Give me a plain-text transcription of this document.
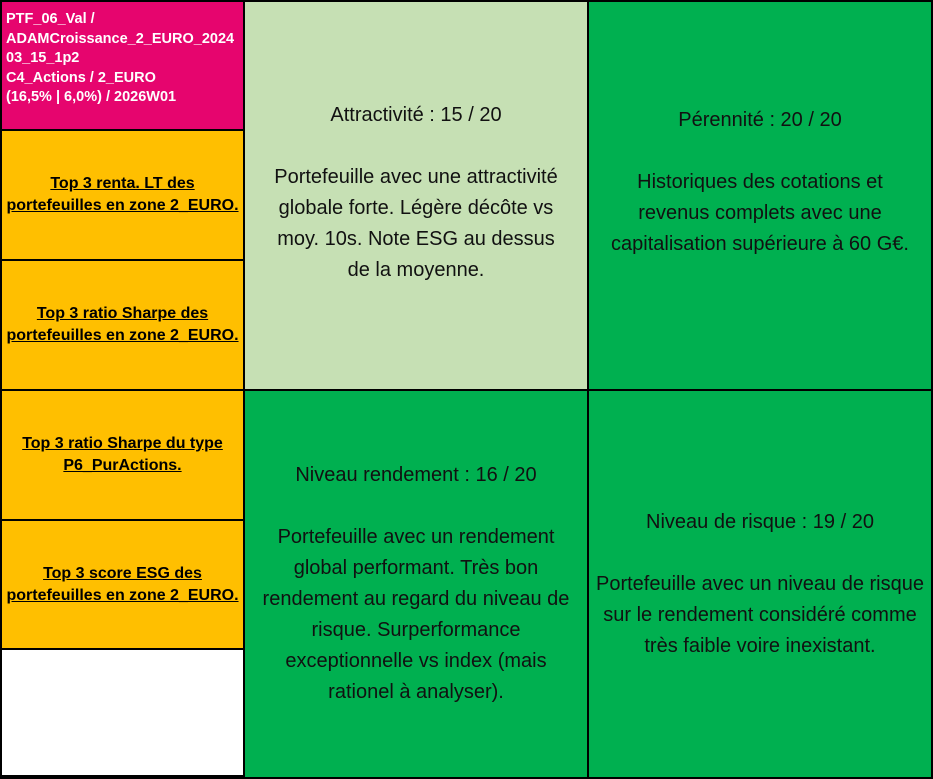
PTF_06_Val /
ADAMCroissance_2_EURO_202403_15_1p2
C4_Actions / 2_EURO
(16,5% | 6,0%) / 2026W01
Top 3 renta. LT des portefeuilles en zone 2_EURO.
Top 3 ratio Sharpe des portefeuilles en zone 2_EURO.
Top 3 ratio Sharpe du type P6_PurActions.
Top 3 score ESG des portefeuilles en zone 2_EURO.
Attractivité : 15 / 20
Portefeuille avec une attractivité globale forte. Légère décôte vs moy. 10s. Note ESG au dessus de la moyenne.
Pérennité : 20 / 20
Historiques des cotations et revenus complets avec une capitalisation supérieure à 60 G€.
Niveau rendement : 16 / 20
Portefeuille avec un rendement global performant. Très bon rendement au regard du niveau de risque. Surperformance exceptionnelle vs index (mais rationel à analyser).
Niveau de risque : 19 / 20
Portefeuille avec un niveau de risque sur le rendement considéré comme très faible voire inexistant.
